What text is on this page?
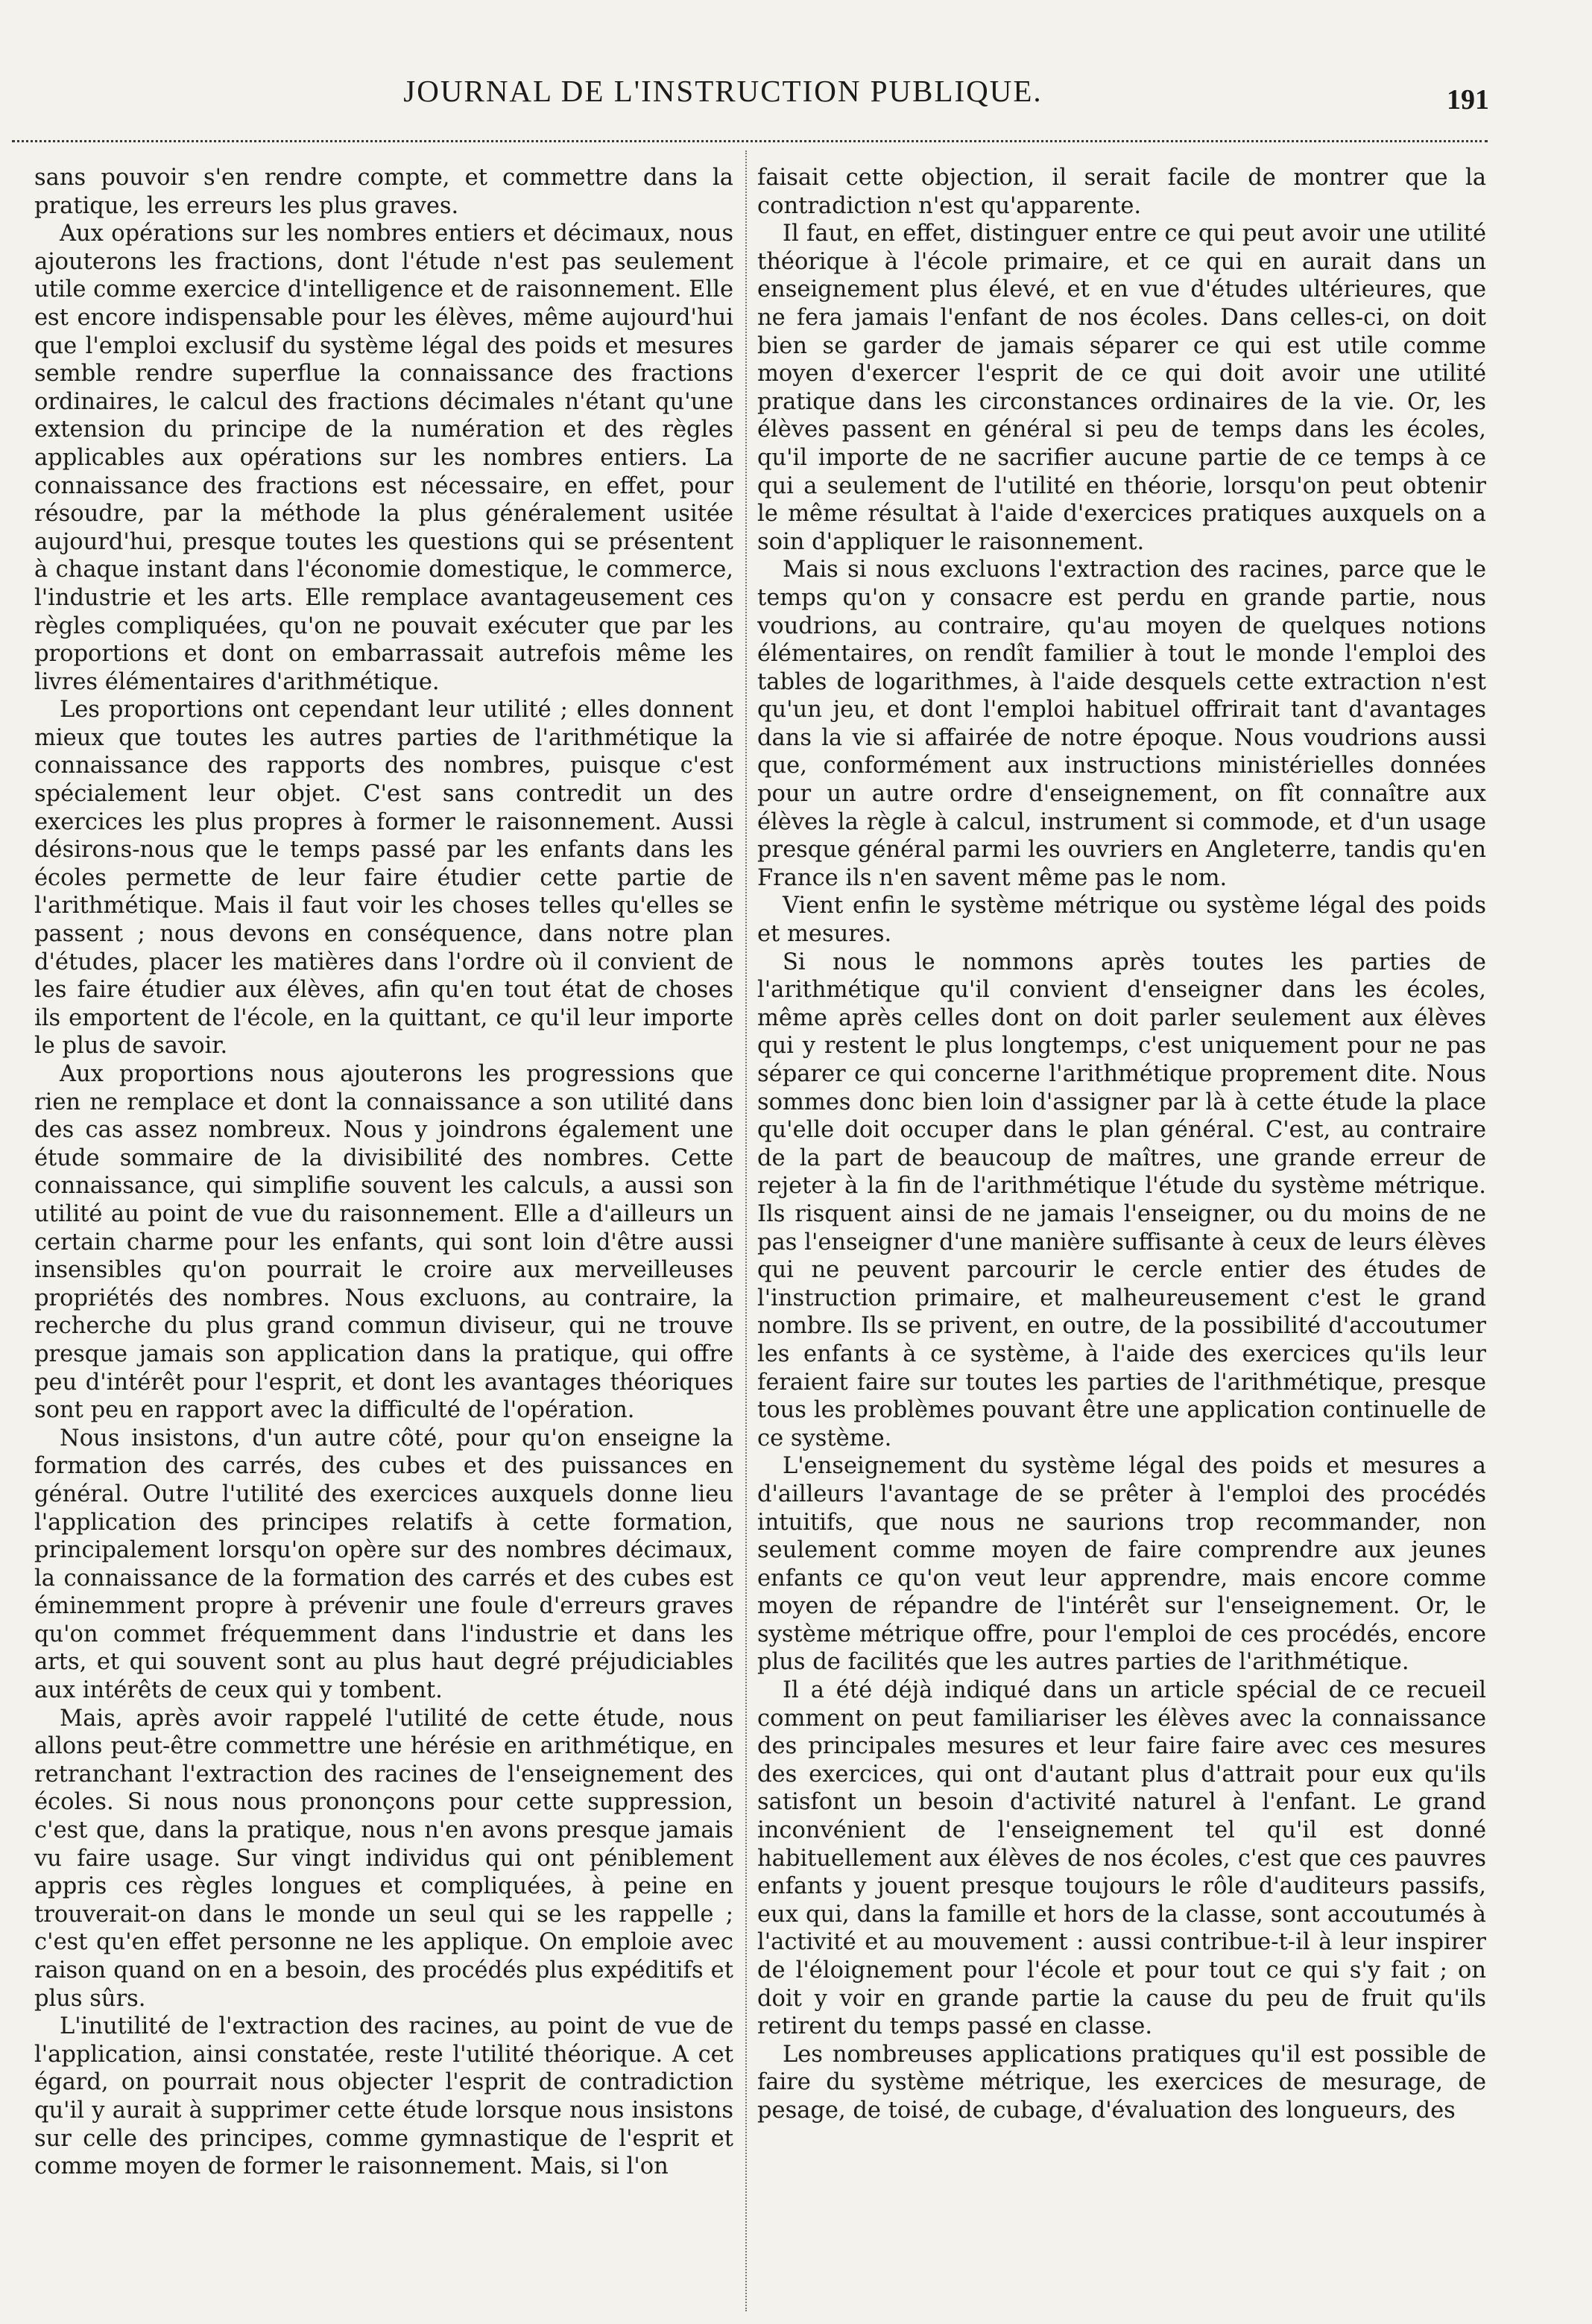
JOURNAL DE L'INSTRUCTION PUBLIQUE.	191

sans pouvoir s'en rendre compte, et commettre dans la pratique, les erreurs les plus graves.

Aux opérations sur les nombres entiers et décimaux, nous ajouterons les fractions, dont l'étude n'est pas seulement utile comme exercice d'intelligence et de raisonnement. Elle est encore indispensable pour les élèves, même aujourd'hui que l'emploi exclusif du système légal des poids et mesures semble rendre superflue la connaissance des fractions ordinaires, le calcul des fractions décimales n'étant qu'une extension du principe de la numération et des règles applicables aux opérations sur les nombres entiers. La connaissance des fractions est nécessaire, en effet, pour résoudre, par la méthode la plus généralement usitée aujourd'hui, presque toutes les questions qui se présentent à chaque instant dans l'économie domestique, le commerce, l'industrie et les arts. Elle remplace avantageusement ces règles compliquées, qu'on ne pouvait exécuter que par les proportions et dont on embarrassait autrefois même les livres élémentaires d'arithmétique.

Les proportions ont cependant leur utilité ; elles donnent mieux que toutes les autres parties de l'arithmétique la connaissance des rapports des nombres, puisque c'est spécialement leur objet. C'est sans contredit un des exercices les plus propres à former le raisonnement. Aussi désirons-nous que le temps passé par les enfants dans les écoles permette de leur faire étudier cette partie de l'arithmétique. Mais il faut voir les choses telles qu'elles se passent ; nous devons en conséquence, dans notre plan d'études, placer les matières dans l'ordre où il convient de les faire étudier aux élèves, afin qu'en tout état de choses ils emportent de l'école, en la quittant, ce qu'il leur importe le plus de savoir.

Aux proportions nous ajouterons les progressions que rien ne remplace et dont la connaissance a son utilité dans des cas assez nombreux. Nous y joindrons également une étude sommaire de la divisibilité des nombres. Cette connaissance, qui simplifie souvent les calculs, a aussi son utilité au point de vue du raisonnement. Elle a d'ailleurs un certain charme pour les enfants, qui sont loin d'être aussi insensibles qu'on pourrait le croire aux merveilleuses propriétés des nombres. Nous excluons, au contraire, la recherche du plus grand commun diviseur, qui ne trouve presque jamais son application dans la pratique, qui offre peu d'intérêt pour l'esprit, et dont les avantages théoriques sont peu en rapport avec la difficulté de l'opération.

Nous insistons, d'un autre côté, pour qu'on enseigne la formation des carrés, des cubes et des puissances en général. Outre l'utilité des exercices auxquels donne lieu l'application des principes relatifs à cette formation, principalement lorsqu'on opère sur des nombres décimaux, la connaissance de la formation des carrés et des cubes est éminemment propre à prévenir une foule d'erreurs graves qu'on commet fréquemment dans l'industrie et dans les arts, et qui souvent sont au plus haut degré préjudiciables aux intérêts de ceux qui y tombent.

Mais, après avoir rappelé l'utilité de cette étude, nous allons peut-être commettre une hérésie en arithmétique, en retranchant l'extraction des racines de l'enseignement des écoles. Si nous nous prononçons pour cette suppression, c'est que, dans la pratique, nous n'en avons presque jamais vu faire usage. Sur vingt individus qui ont péniblement appris ces règles longues et compliquées, à peine en trouverait-on dans le monde un seul qui se les rappelle ; c'est qu'en effet personne ne les applique. On emploie avec raison quand on en a besoin, des procédés plus expéditifs et plus sûrs.

L'inutilité de l'extraction des racines, au point de vue de l'application, ainsi constatée, reste l'utilité théorique. A cet égard, on pourrait nous objecter l'esprit de contradiction qu'il y aurait à supprimer cette étude lorsque nous insistons sur celle des principes, comme gymnastique de l'esprit et comme moyen de former le raisonnement. Mais, si l'on

faisait cette objection, il serait facile de montrer que la contradiction n'est qu'apparente.

Il faut, en effet, distinguer entre ce qui peut avoir une utilité théorique à l'école primaire, et ce qui en aurait dans un enseignement plus élevé, et en vue d'études ultérieures, que ne fera jamais l'enfant de nos écoles. Dans celles-ci, on doit bien se garder de jamais séparer ce qui est utile comme moyen d'exercer l'esprit de ce qui doit avoir une utilité pratique dans les circonstances ordinaires de la vie. Or, les élèves passent en général si peu de temps dans les écoles, qu'il importe de ne sacrifier aucune partie de ce temps à ce qui a seulement de l'utilité en théorie, lorsqu'on peut obtenir le même résultat à l'aide d'exercices pratiques auxquels on a soin d'appliquer le raisonnement.

Mais si nous excluons l'extraction des racines, parce que le temps qu'on y consacre est perdu en grande partie, nous voudrions, au contraire, qu'au moyen de quelques notions élémentaires, on rendît familier à tout le monde l'emploi des tables de logarithmes, à l'aide desquels cette extraction n'est qu'un jeu, et dont l'emploi habituel offrirait tant d'avantages dans la vie si affairée de notre époque. Nous voudrions aussi que, conformément aux instructions ministérielles données pour un autre ordre d'enseignement, on fît connaître aux élèves la règle à calcul, instrument si commode, et d'un usage presque général parmi les ouvriers en Angleterre, tandis qu'en France ils n'en savent même pas le nom.

Vient enfin le système métrique ou système légal des poids et mesures.

Si nous le nommons après toutes les parties de l'arithmétique qu'il convient d'enseigner dans les écoles, même après celles dont on doit parler seulement aux élèves qui y restent le plus longtemps, c'est uniquement pour ne pas séparer ce qui concerne l'arithmétique proprement dite. Nous sommes donc bien loin d'assigner par là à cette étude la place qu'elle doit occuper dans le plan général. C'est, au contraire de la part de beaucoup de maîtres, une grande erreur de rejeter à la fin de l'arithmétique l'étude du système métrique. Ils risquent ainsi de ne jamais l'enseigner, ou du moins de ne pas l'enseigner d'une manière suffisante à ceux de leurs élèves qui ne peuvent parcourir le cercle entier des études de l'instruction primaire, et malheureusement c'est le grand nombre. Ils se privent, en outre, de la possibilité d'accoutumer les enfants à ce système, à l'aide des exercices qu'ils leur feraient faire sur toutes les parties de l'arithmétique, presque tous les problèmes pouvant être une application continuelle de ce système.

L'enseignement du système légal des poids et mesures a d'ailleurs l'avantage de se prêter à l'emploi des procédés intuitifs, que nous ne saurions trop recommander, non seulement comme moyen de faire comprendre aux jeunes enfants ce qu'on veut leur apprendre, mais encore comme moyen de répandre de l'intérêt sur l'enseignement. Or, le système métrique offre, pour l'emploi de ces procédés, encore plus de facilités que les autres parties de l'arithmétique.

Il a été déjà indiqué dans un article spécial de ce recueil comment on peut familiariser les élèves avec la connaissance des principales mesures et leur faire faire avec ces mesures des exercices, qui ont d'autant plus d'attrait pour eux qu'ils satisfont un besoin d'activité naturel à l'enfant. Le grand inconvénient de l'enseignement tel qu'il est donné habituellement aux élèves de nos écoles, c'est que ces pauvres enfants y jouent presque toujours le rôle d'auditeurs passifs, eux qui, dans la famille et hors de la classe, sont accoutumés à l'activité et au mouvement : aussi contribue-t-il à leur inspirer de l'éloignement pour l'école et pour tout ce qui s'y fait ; on doit y voir en grande partie la cause du peu de fruit qu'ils retirent du temps passé en classe.

Les nombreuses applications pratiques qu'il est possible de faire du système métrique, les exercices de mesurage, de pesage, de toisé, de cubage, d'évaluation des longueurs, des
